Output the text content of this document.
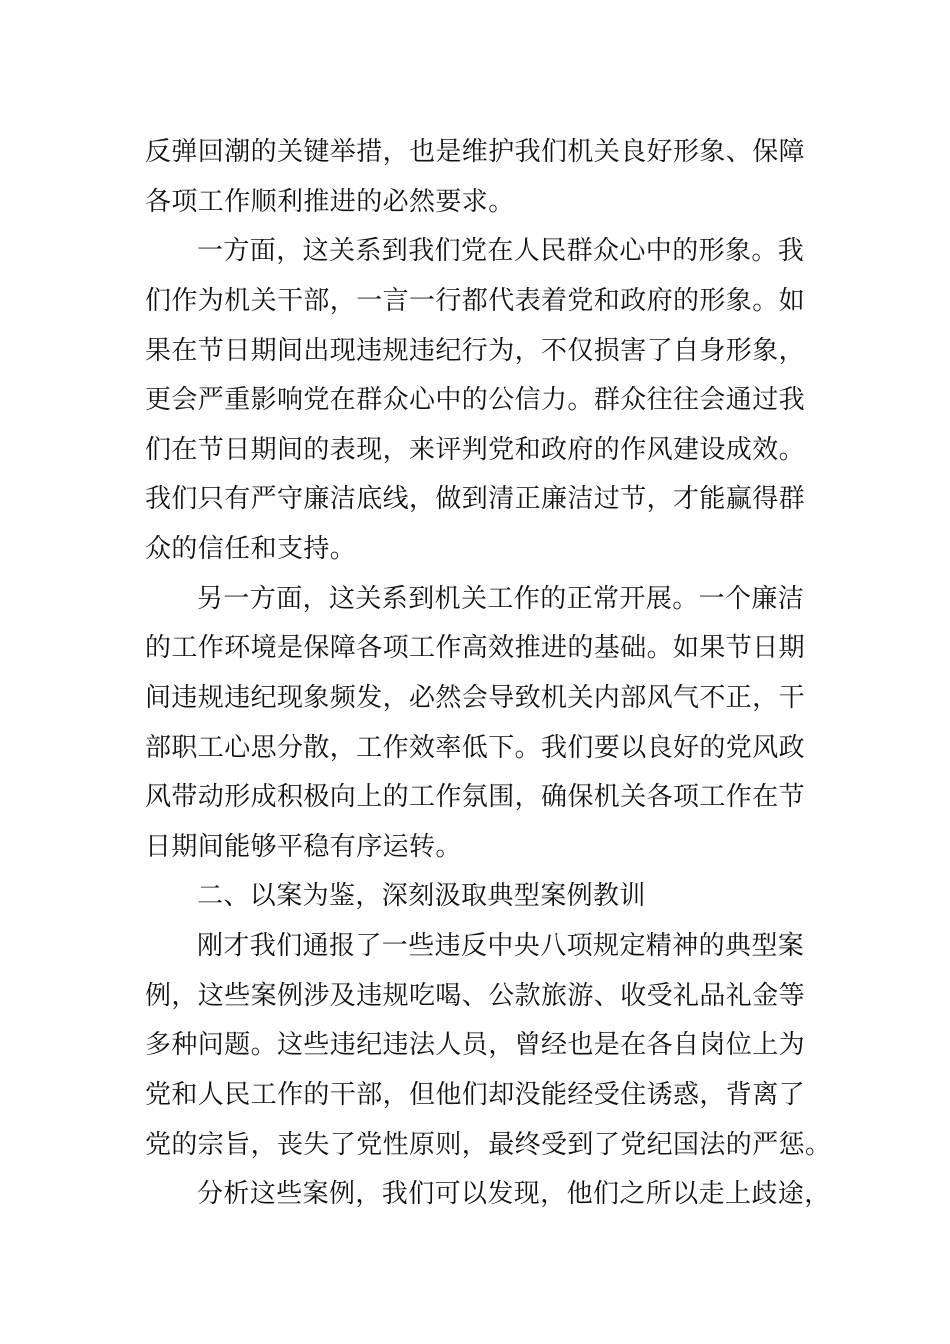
反弹回潮的关键举措，也是维护我们机关良好形象、保障
各项工作顺利推进的必然要求。
一方面，这关系到我们党在人民群众心中的形象。我
们作为机关干部，一言一行都代表着党和政府的形象。如
果在节日期间出现违规违纪行为，不仅损害了自身形象，
更会严重影响党在群众心中的公信力。群众往往会通过我
们在节日期间的表现，来评判党和政府的作风建设成效。
我们只有严守廉洁底线，做到清正廉洁过节，才能赢得群
众的信任和支持。
另一方面，这关系到机关工作的正常开展。一个廉洁
的工作环境是保障各项工作高效推进的基础。如果节日期
间违规违纪现象频发，必然会导致机关内部风气不正，干
部职工心思分散，工作效率低下。我们要以良好的党风政
风带动形成积极向上的工作氛围，确保机关各项工作在节
日期间能够平稳有序运转。
二、以案为鉴，深刻汲取典型案例教训
刚才我们通报了一些违反中央八项规定精神的典型案
例，这些案例涉及违规吃喝、公款旅游、收受礼品礼金等
多种问题。这些违纪违法人员，曾经也是在各自岗位上为
党和人民工作的干部，但他们却没能经受住诱惑，背离了
党的宗旨，丧失了党性原则，最终受到了党纪国法的严惩。
分析这些案例，我们可以发现，他们之所以走上歧途，
